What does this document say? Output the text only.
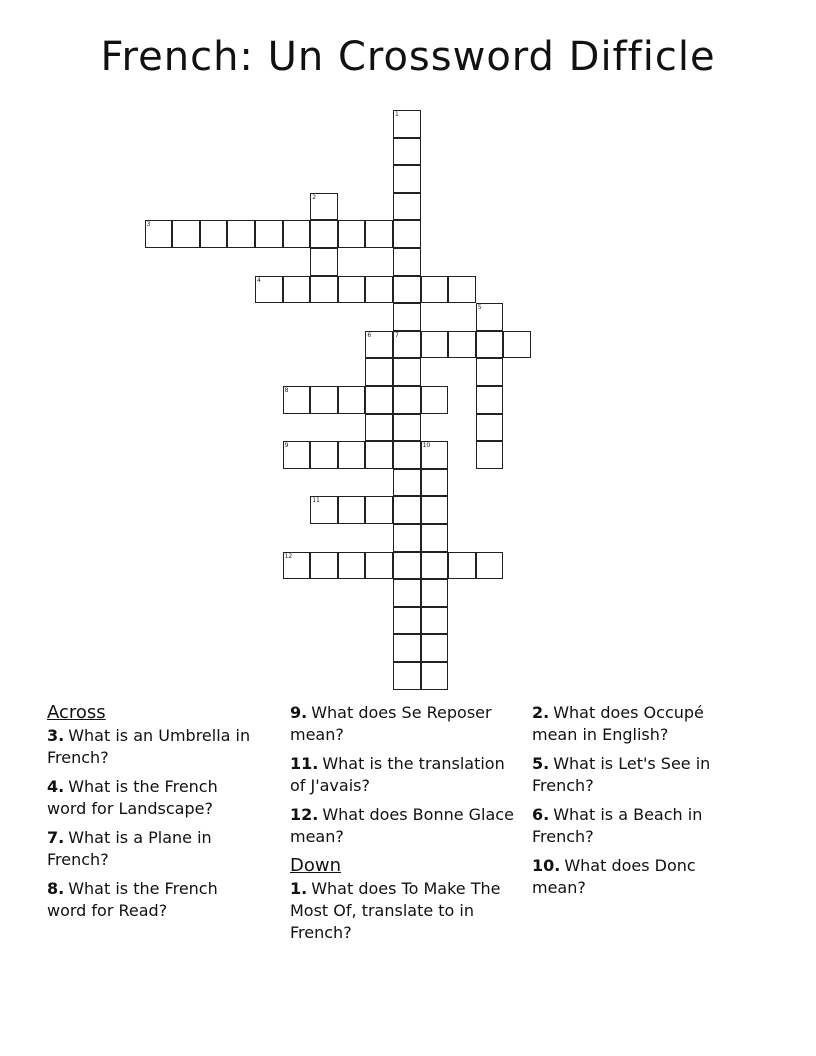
French: Un Crossword Difficle
1
7
2
3
4
5
6
8
9	10
11
12
Across
3. What is an Umbrella in French?
4. What is the French word for Landscape?
7. What is a Plane in French?
8. What is the French word for Read?
9. What does Se Reposer mean?
11. What is the translation of J'avais?
12. What does Bonne Glace mean?
Down
1. What does To Make The Most Of, translate to in French?
2. What does Occupé mean in English?
5. What is Let's See in French?
6. What is a Beach in French?
10. What does Donc mean?
